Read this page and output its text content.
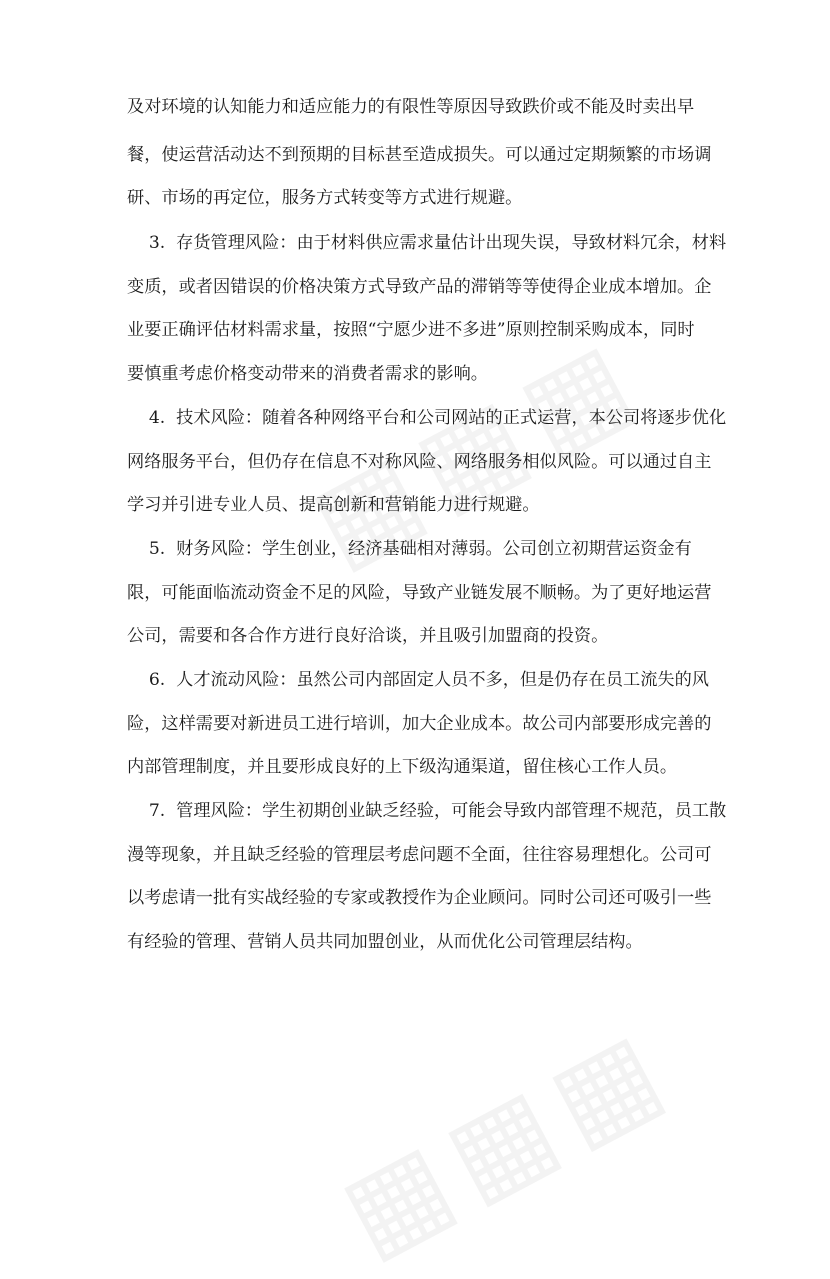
及对环境的认知能力和适应能力的有限性等原因导致跌价或不能及时卖出早
餐，使运营活动达不到预期的目标甚至造成损失。可以通过定期频繁的市场调
研、市场的再定位，服务方式转变等方式进行规避。
3.  存货管理风险：由于材料供应需求量估计出现失误，导致材料冗余，材料
变质，或者因错误的价格决策方式导致产品的滞销等等使得企业成本增加。企
业要正确评估材料需求量，按照“宁愿少进不多进”原则控制采购成本，同时
要慎重考虑价格变动带来的消费者需求的影响。
4.  技术风险：随着各种网络平台和公司网站的正式运营，本公司将逐步优化
网络服务平台，但仍存在信息不对称风险、网络服务相似风险。可以通过自主
学习并引进专业人员、提高创新和营销能力进行规避。
5.  财务风险：学生创业，经济基础相对薄弱。公司创立初期营运资金有
限，可能面临流动资金不足的风险，导致产业链发展不顺畅。为了更好地运营
公司，需要和各合作方进行良好洽谈，并且吸引加盟商的投资。
6.  人才流动风险：虽然公司内部固定人员不多，但是仍存在员工流失的风
险，这样需要对新进员工进行培训，加大企业成本。故公司内部要形成完善的
内部管理制度，并且要形成良好的上下级沟通渠道，留住核心工作人员。
7.  管理风险：学生初期创业缺乏经验，可能会导致内部管理不规范，员工散
漫等现象，并且缺乏经验的管理层考虑问题不全面，往往容易理想化。公司可
以考虑请一批有实战经验的专家或教授作为企业顾问。同时公司还可吸引一些
有经验的管理、营销人员共同加盟创业，从而优化公司管理层结构。
